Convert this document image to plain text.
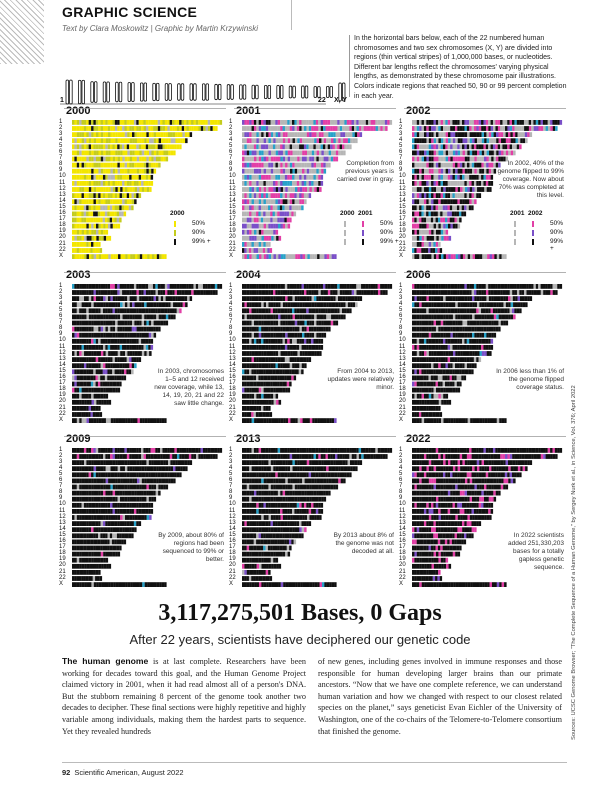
GRAPHIC SCIENCE
Text by Clara Moskowitz | Graphic by Martin Krzywinski

In the horizontal bars below, each of the 22 numbered human chromosomes and two sex chromosomes (X, Y) are divided into regions (thin vertical stripes) of 1,000,000 bases, or nucleotides. Different bar lengths reflect the chromosomes' varying physical lengths, as demonstrated by these chromosome pair illustrations. Colors indicate regions that reached 50, 90 or 99 percent completion in each year.

1	22 X, Y
2000
1
2
3
4
5
6
7
8
9
10
11
12
13
14
15
16
17
18
19
20
21
22
X
2000
50%
90%
99% +
2001
1
2
3
4
5
6
7
8
9
10
11
12
13
14
15
16
17
18
19
20
21
22
X

Completion from previous years is carried over in gray.

2000 2001
50%
90%
99% +
2002
1
2
3
4
5
6
7
8
9
10
11
12
13
14
15
16
17
18
19
20
21
22
X

In 2002, 40% of the genome flipped to 99% coverage. Now about 70% was completed at this level.

2001 2002
50%
90%
99% +
2003
1
2
3
4
5
6
7
8
9
10
11
12
13
14
15
16
17
18
19
20
21
22
X

In 2003, chromosomes 1–5 and 12 received new coverage, while 13, 14, 19, 20, 21 and 22 saw little change.

2004
1
2
3
4
5
6
7
8
9
10
11
12
13
14
15
16
17
18
19
20
21
22
X

From 2004 to 2013, updates were relatively minor.

2006
1
2
3
4
5
6
7
8
9
10
11
12
13
14
15
16
17
18
19
20
21
22
X

In 2006 less than 1% of the genome flipped coverage status.

2009
1
2
3
4
5
6
7
8
9
10
11
12
13
14
15
16
17
18
19
20
21
22
X

By 2009, about 80% of regions had been sequenced to 99% or better.

2013
1
2
3
4
5
6
7
8
9
10
11
12
13
14
15
16
17
18
19
20
21
22
X

By 2013 about 8% of the genome was not decoded at all.

2022
1
2
3
4
5
6
7
8
9
10
11
12
13
14
15
16
17
18
19
20
21
22
X

In 2022 scientists added 251,330,203 bases for a totally gapless genetic sequence.

3,117,275,501 Bases, 0 Gaps
After 22 years, scientists have deciphered our genetic code

The human genome is at last complete. Researchers have been working for decades toward this goal, and the Human Genome Project claimed victory in 2001, when it had read almost all of a person's DNA. But the stubborn remaining 8 percent of the genome took another two decades to decipher. These final sections were highly repetitive and highly variable among individuals, making them the hardest parts to sequence. Yet they revealed hundreds

of new genes, including genes involved in immune responses and those responsible for human developing larger brains than our primate ancestors. “Now that we have one complete reference, we can understand human variation and how we changed with respect to our closest related species on the planet,” says geneticist Evan Eichler of the University of Washington, one of the co-chairs of the Telomere-to-Telomere consortium that finished the genome.	Sources: UCSC Genome Browser; “The Complete Sequence of a Human Genome,” by Sergey Nurk et al., in Science, Vol. 376; April 2022
92 Scientific American, August 2022
